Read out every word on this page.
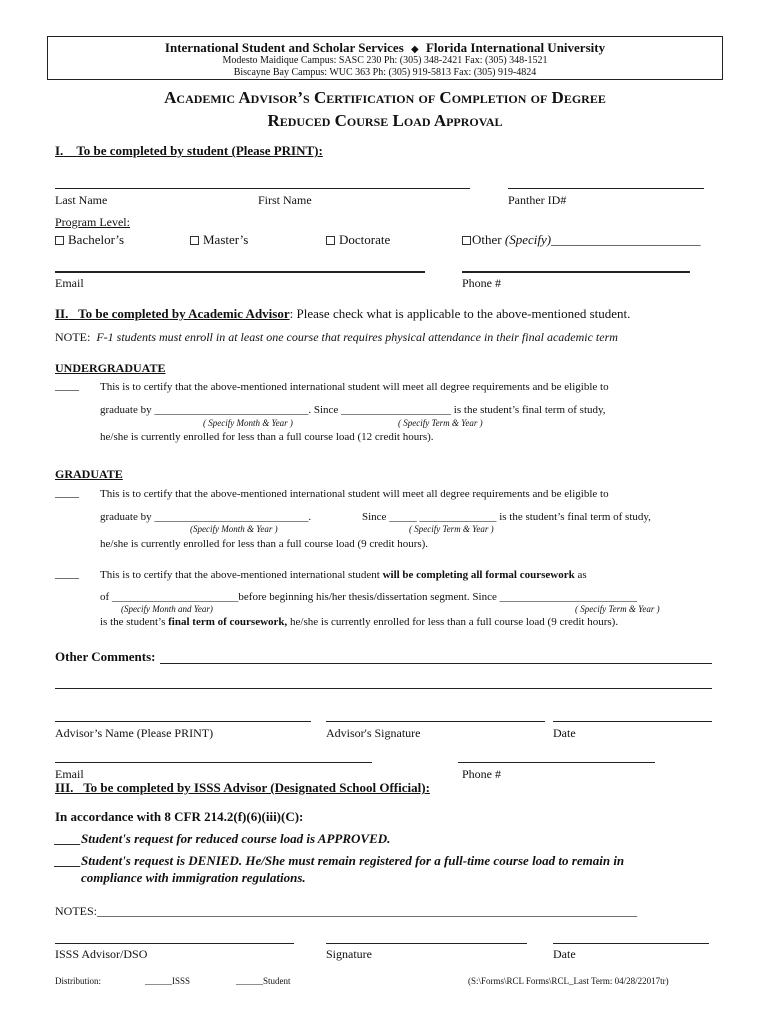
International Student and Scholar Services ◆ Florida International University
Modesto Maidique Campus: SASC 230 Ph: (305) 348-2421 Fax: (305) 348-1521
Biscayne Bay Campus: WUC 363 Ph: (305) 919-5813 Fax: (305) 919-4824
Academic Advisor’s Certification of Completion of Degree
Reduced Course Load Approval
I. To be completed by student (Please PRINT):
Last Name	First Name	Panther ID#
Program Level:
Bachelor’s	Master’s	Doctorate	Other (Specify)_______________________
Email	Phone #
II. To be completed by Academic Advisor: Please check what is applicable to the above-mentioned student.
NOTE: F-1 students must enroll in at least one course that requires physical attendance in their final academic term
UNDERGRADUATE
____ This is to certify that the above-mentioned international student will meet all degree requirements and be eligible to
graduate by ____________________________. Since ____________________ is the student’s final term of study,
( Specify Month & Year )	( Specify Term & Year )
he/she is currently enrolled for less than a full course load (12 credit hours).
GRADUATE
____ This is to certify that the above-mentioned international student will meet all degree requirements and be eligible to
graduate by ____________________________.	Since _____ ______________ is the student’s final term of study,
(Specify Month & Year )	( Specify Term & Year )
he/she is currently enrolled for less than a full course load (9 credit hours).
____ This is to certify that the above-mentioned international student will be completing all formal coursework as
of _______________________before beginning his/her thesis/dissertation segment. Since _________________________
(Specify Month and Year)	( Specify Term & Year )
is the student’s final term of coursework, he/she is currently enrolled for less than a full course load (9 credit hours).
Other Comments:
Advisor’s Name (Please PRINT)	Advisor's Signature	Date
Email	Phone #
III. To be completed by ISSS Advisor (Designated School Official):
In accordance with 8 CFR 214.2(f)(6)(iii)(C):
____Student's request for reduced course load is APPROVED.
____Student's request is DENIED. He/She must remain registered for a full-time course load to remain in
compliance with immigration regulations.
NOTES:__________________________________________________________________________________________
ISSS Advisor/DSO	Signature	Date
Distribution:	______ISSS	______Student	(S:\Forms\RCL Forms\RCL_Last Term: 04/28/22017tr)
